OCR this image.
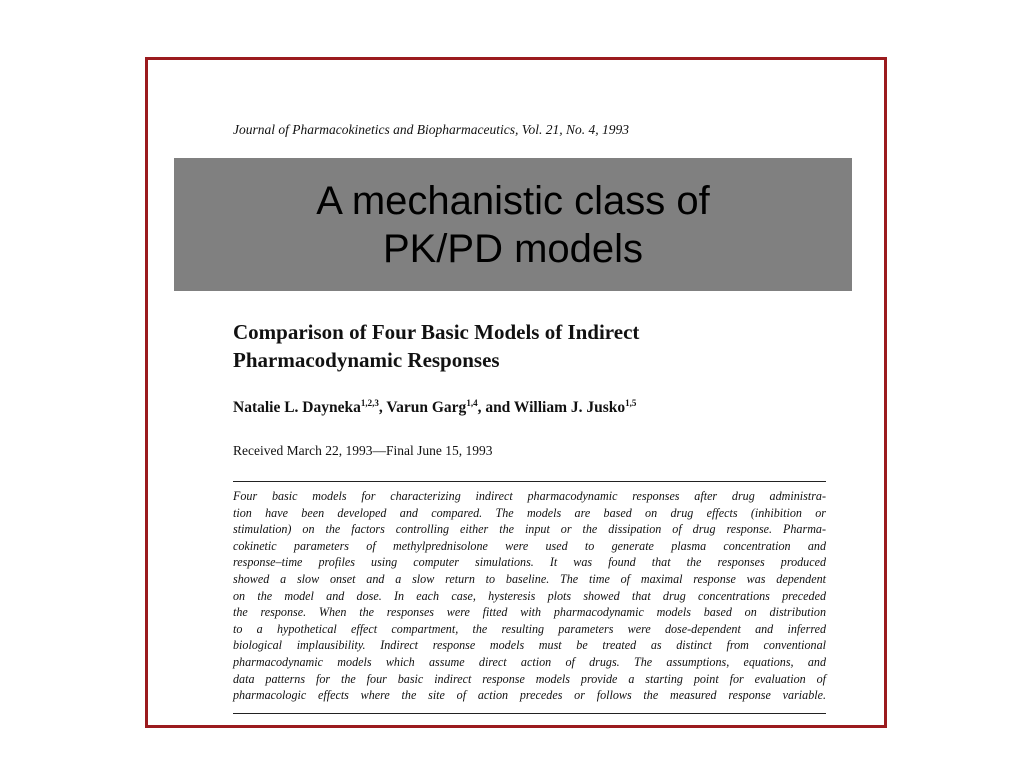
Journal of Pharmacokinetics and Biopharmaceutics, Vol. 21, No. 4, 1993
A mechanistic class of
PK/PD models
Comparison of Four Basic Models of Indirect
Pharmacodynamic Responses
Natalie L. Dayneka$^{1,2,3}$, Varun Garg$^{1,4}$, and William J. Jusko$^{1,5}$
Received March 22, 1993—Final June 15, 1993
Four basic models for characterizing indirect pharmacodynamic responses after drug administra-
tion have been developed and compared. The models are based on drug effects (inhibition or
stimulation) on the factors controlling either the input or the dissipation of drug response. Pharma-
cokinetic parameters of methylprednisolone were used to generate plasma concentration and
response–time profiles using computer simulations. It was found that the responses produced
showed a slow onset and a slow return to baseline. The time of maximal response was dependent
on the model and dose. In each case, hysteresis plots showed that drug concentrations preceded
the response. When the responses were fitted with pharmacodynamic models based on distribution
to a hypothetical effect compartment, the resulting parameters were dose-dependent and inferred
biological implausibility. Indirect response models must be treated as distinct from conventional
pharmacodynamic models which assume direct action of drugs. The assumptions, equations, and
data patterns for the four basic indirect response models provide a starting point for evaluation of
pharmacologic effects where the site of action precedes or follows the measured response variable.
